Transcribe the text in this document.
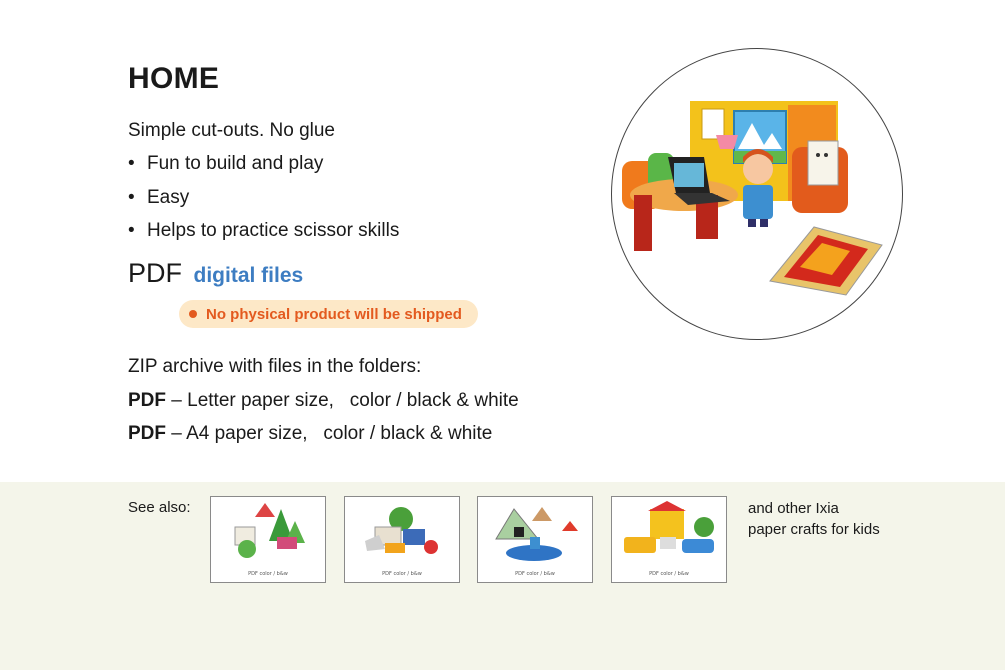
HOME
Simple cut-outs. No glue
• Fun to build and play
• Easy
• Helps to practice scissor skills
PDF digital files
No physical product will be shipped
ZIP archive with files in the folders:
PDF – Letter paper size,   color / black & white
PDF – A4 paper size,   color / black & white
See also:
PDF color / b&w	PDF color / b&w	PDF color / b&w	PDF color / b&w
and other Ixia
paper crafts for kids
